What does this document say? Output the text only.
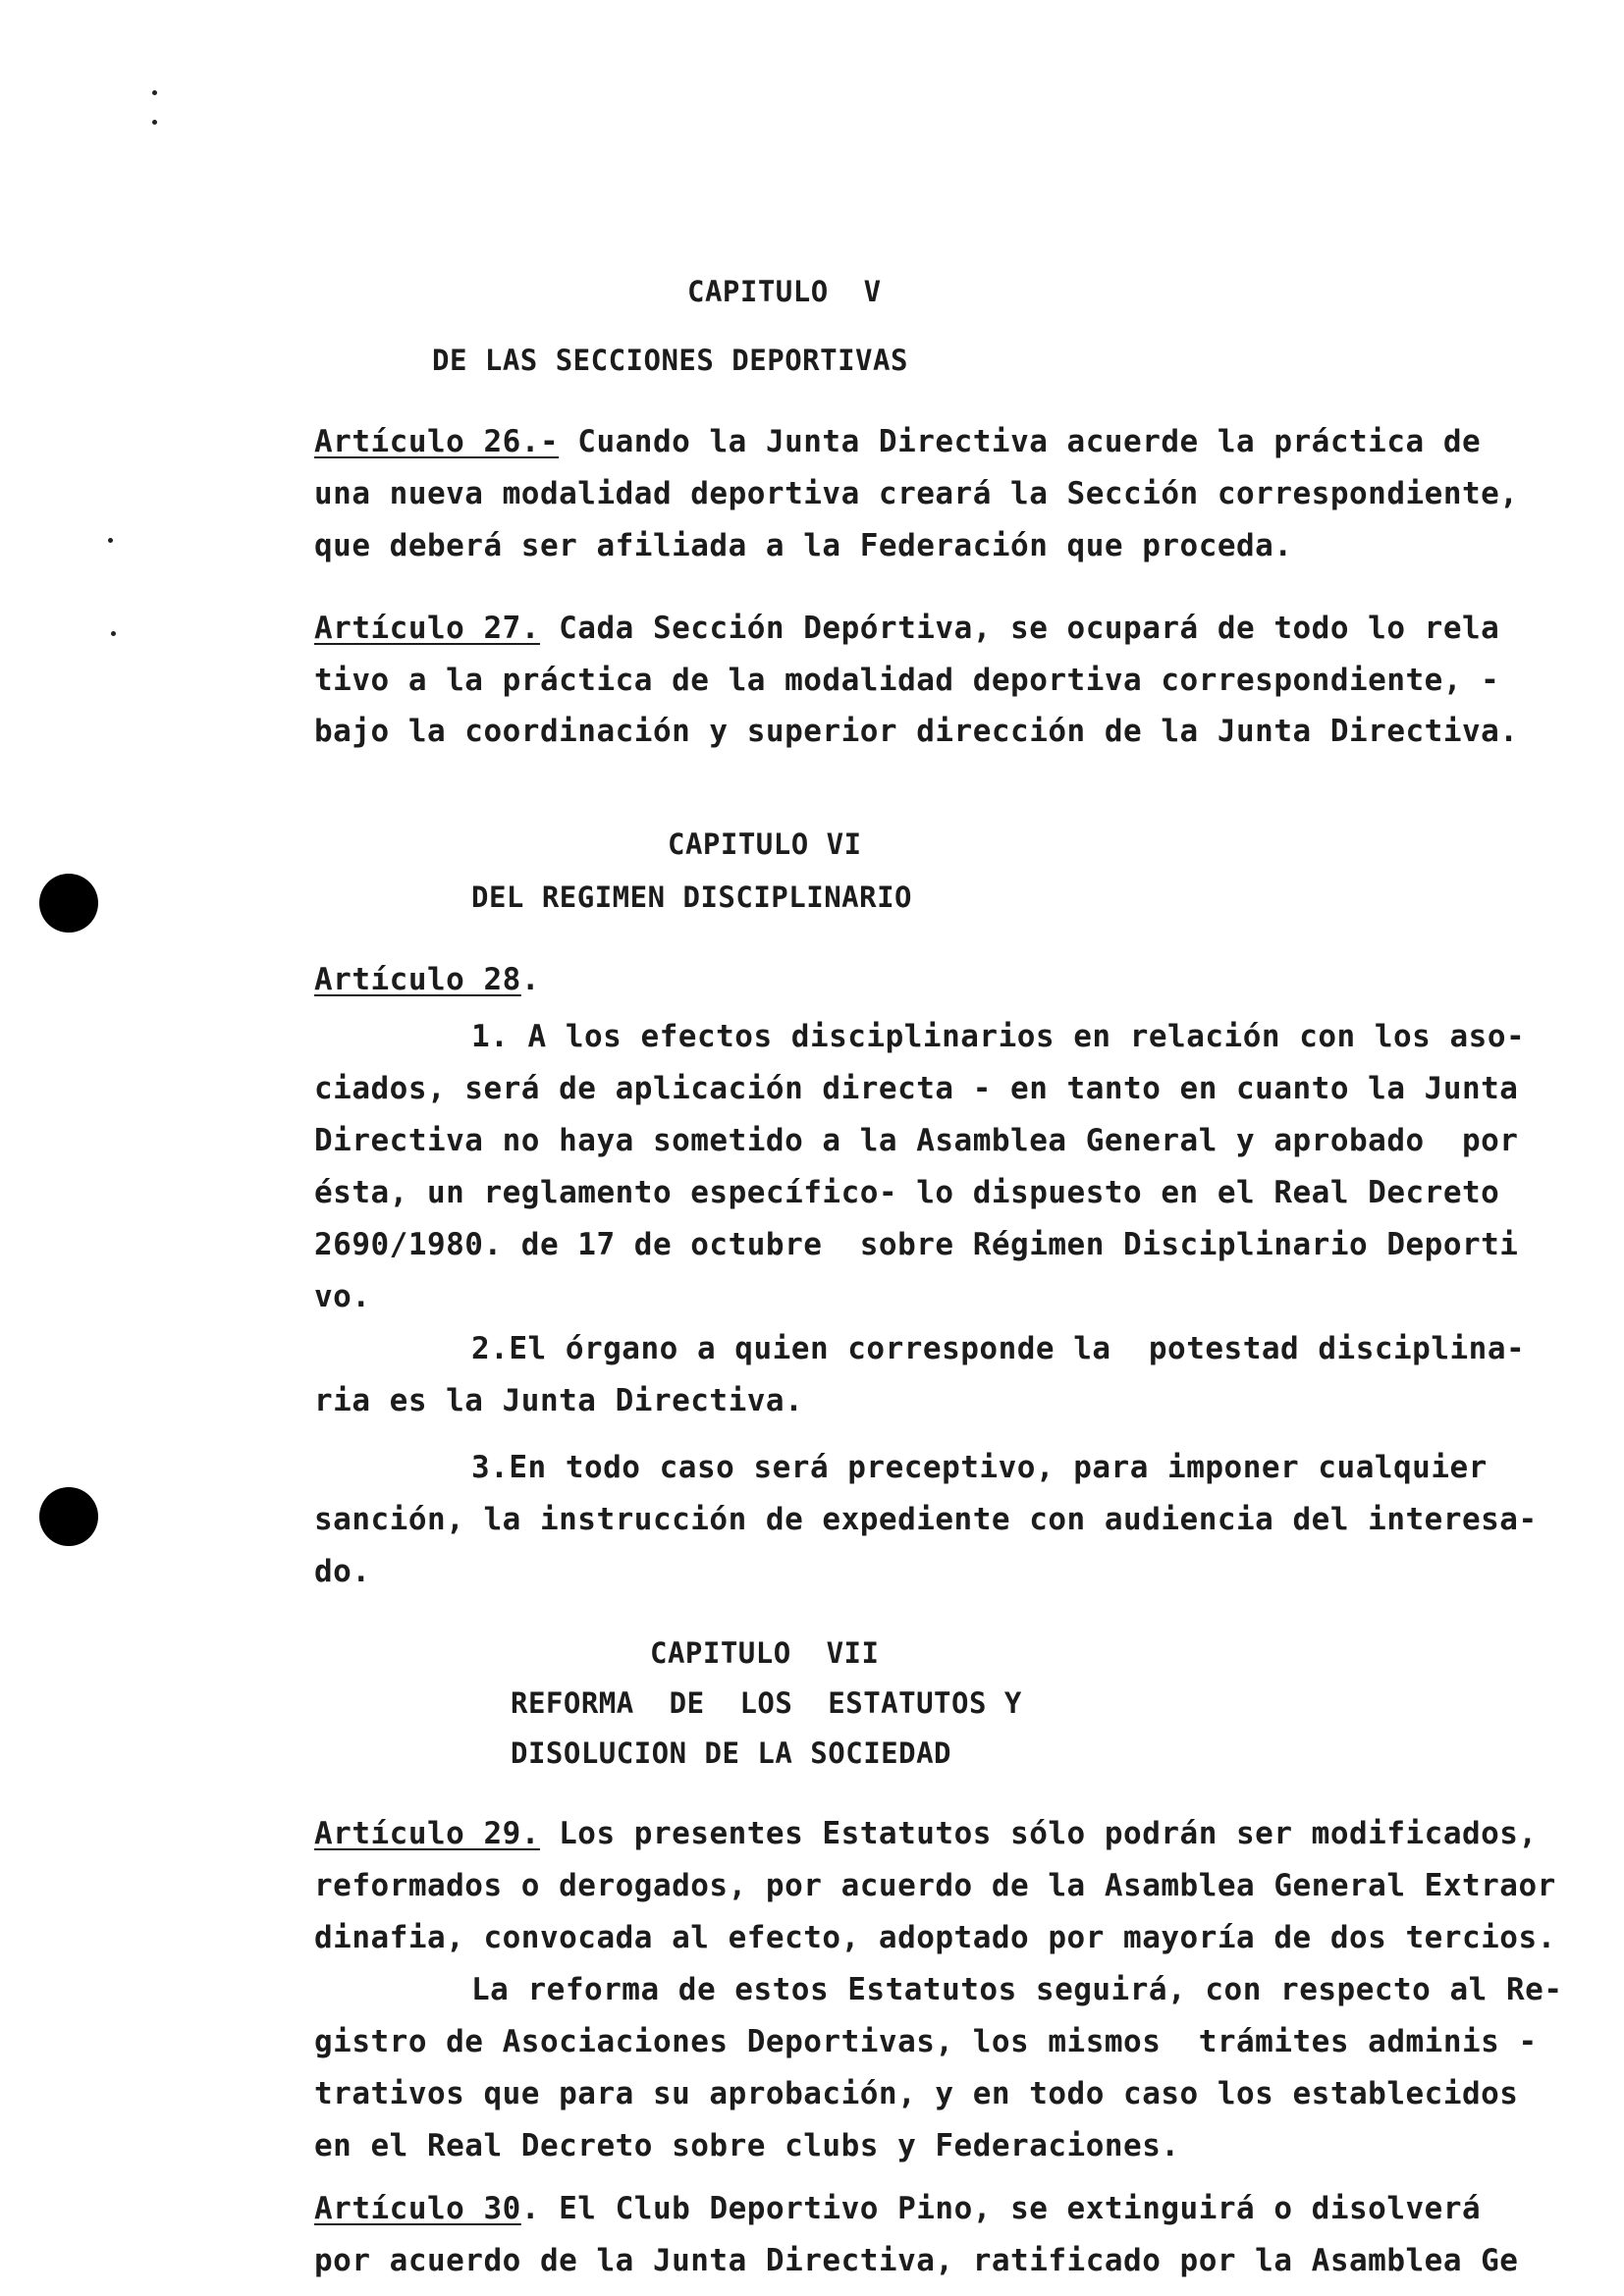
CAPITULO  V
DE LAS SECCIONES DEPORTIVAS
Artículo 26.- Cuando la Junta Directiva acuerde la práctica de
una nueva modalidad deportiva creará la Sección correspondiente,
que deberá ser afiliada a la Federación que proceda.
Artículo 27. Cada Sección Depórtiva, se ocupará de todo lo rela
tivo a la práctica de la modalidad deportiva correspondiente, -
bajo la coordinación y superior dirección de la Junta Directiva.
CAPITULO VI
DEL REGIMEN DISCIPLINARIO
Artículo 28.
1. A los efectos disciplinarios en relación con los aso-
ciados, será de aplicación directa - en tanto en cuanto la Junta
Directiva no haya sometido a la Asamblea General y aprobado  por
ésta, un reglamento específico- lo dispuesto en el Real Decreto
2690/1980. de 17 de octubre  sobre Régimen Disciplinario Deporti
vo.
2.El órgano a quien corresponde la  potestad disciplina-
ria es la Junta Directiva.
3.En todo caso será preceptivo, para imponer cualquier
sanción, la instrucción de expediente con audiencia del interesa-
do.
CAPITULO  VII
REFORMA  DE  LOS  ESTATUTOS Y
DISOLUCION DE LA SOCIEDAD
Artículo 29. Los presentes Estatutos sólo podrán ser modificados,
reformados o derogados, por acuerdo de la Asamblea General Extraor
dinafia, convocada al efecto, adoptado por mayoría de dos tercios.
La reforma de estos Estatutos seguirá, con respecto al Re-
gistro de Asociaciones Deportivas, los mismos  trámites adminis -
trativos que para su aprobación, y en todo caso los establecidos
en el Real Decreto sobre clubs y Federaciones.
Artículo 30. El Club Deportivo Pino, se extinguirá o disolverá
por acuerdo de la Junta Directiva, ratificado por la Asamblea Ge
